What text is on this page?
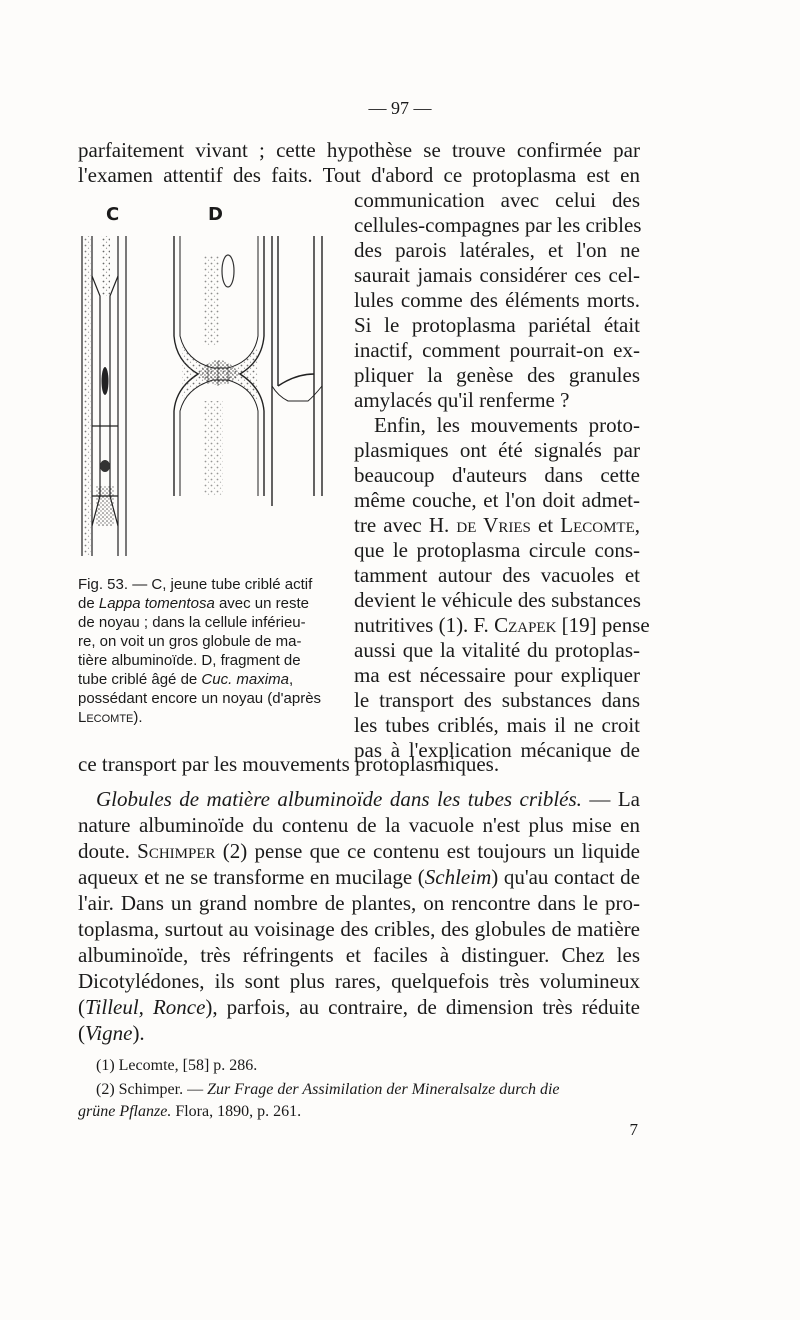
— 97 —
parfaitement vivant ; cette hypothèse se trouve confirmée par
l'examen attentif des faits. Tout d'abord ce protoplasma est en
C	D
Fig. 53. — C, jeune tube criblé actif
de Lappa tomentosa avec un reste
de noyau ; dans la cellule inférieu-
re, on voit un gros globule de ma-
tière albuminoïde. D, fragment de
tube criblé âgé de Cuc. maxima,
possédant encore un noyau (d'après
Lecomte).
communication avec celui des
cellules-compagnes par les cribles
des parois latérales, et l'on ne
saurait jamais considérer ces cel-
lules comme des éléments morts.
Si le protoplasma pariétal était
inactif, comment pourrait-on ex-
pliquer la genèse des granules
amylacés qu'il renferme ?
Enfin, les mouvements proto-
plasmiques ont été signalés par
beaucoup d'auteurs dans cette
même couche, et l'on doit admet-
tre avec H. de Vries et Lecomte,
que le protoplasma circule cons-
tamment autour des vacuoles et
devient le véhicule des substances
nutritives (1). F. Czapek [19] pense
aussi que la vitalité du protoplas-
ma est nécessaire pour expliquer
le transport des substances dans
les tubes criblés, mais il ne croit
pas à l'explication mécanique de
ce transport par les mouvements protoplasmiques.
Globules de matière albuminoïde dans les tubes criblés. — La
nature albuminoïde du contenu de la vacuole n'est plus mise en
doute. Schimper (2) pense que ce contenu est toujours un liquide
aqueux et ne se transforme en mucilage (Schleim) qu'au contact de
l'air. Dans un grand nombre de plantes, on rencontre dans le pro-
toplasma, surtout au voisinage des cribles, des globules de matière
albuminoïde, très réfringents et faciles à distinguer. Chez les
Dicotylédones, ils sont plus rares, quelquefois très volumineux
(Tilleul, Ronce), parfois, au contraire, de dimension très réduite
(Vigne).
(1) Lecomte, [58] p. 286.
(2) Schimper. — Zur Frage der Assimilation der Mineralsalze durch die
grüne Pflanze. Flora, 1890, p. 261.
7
